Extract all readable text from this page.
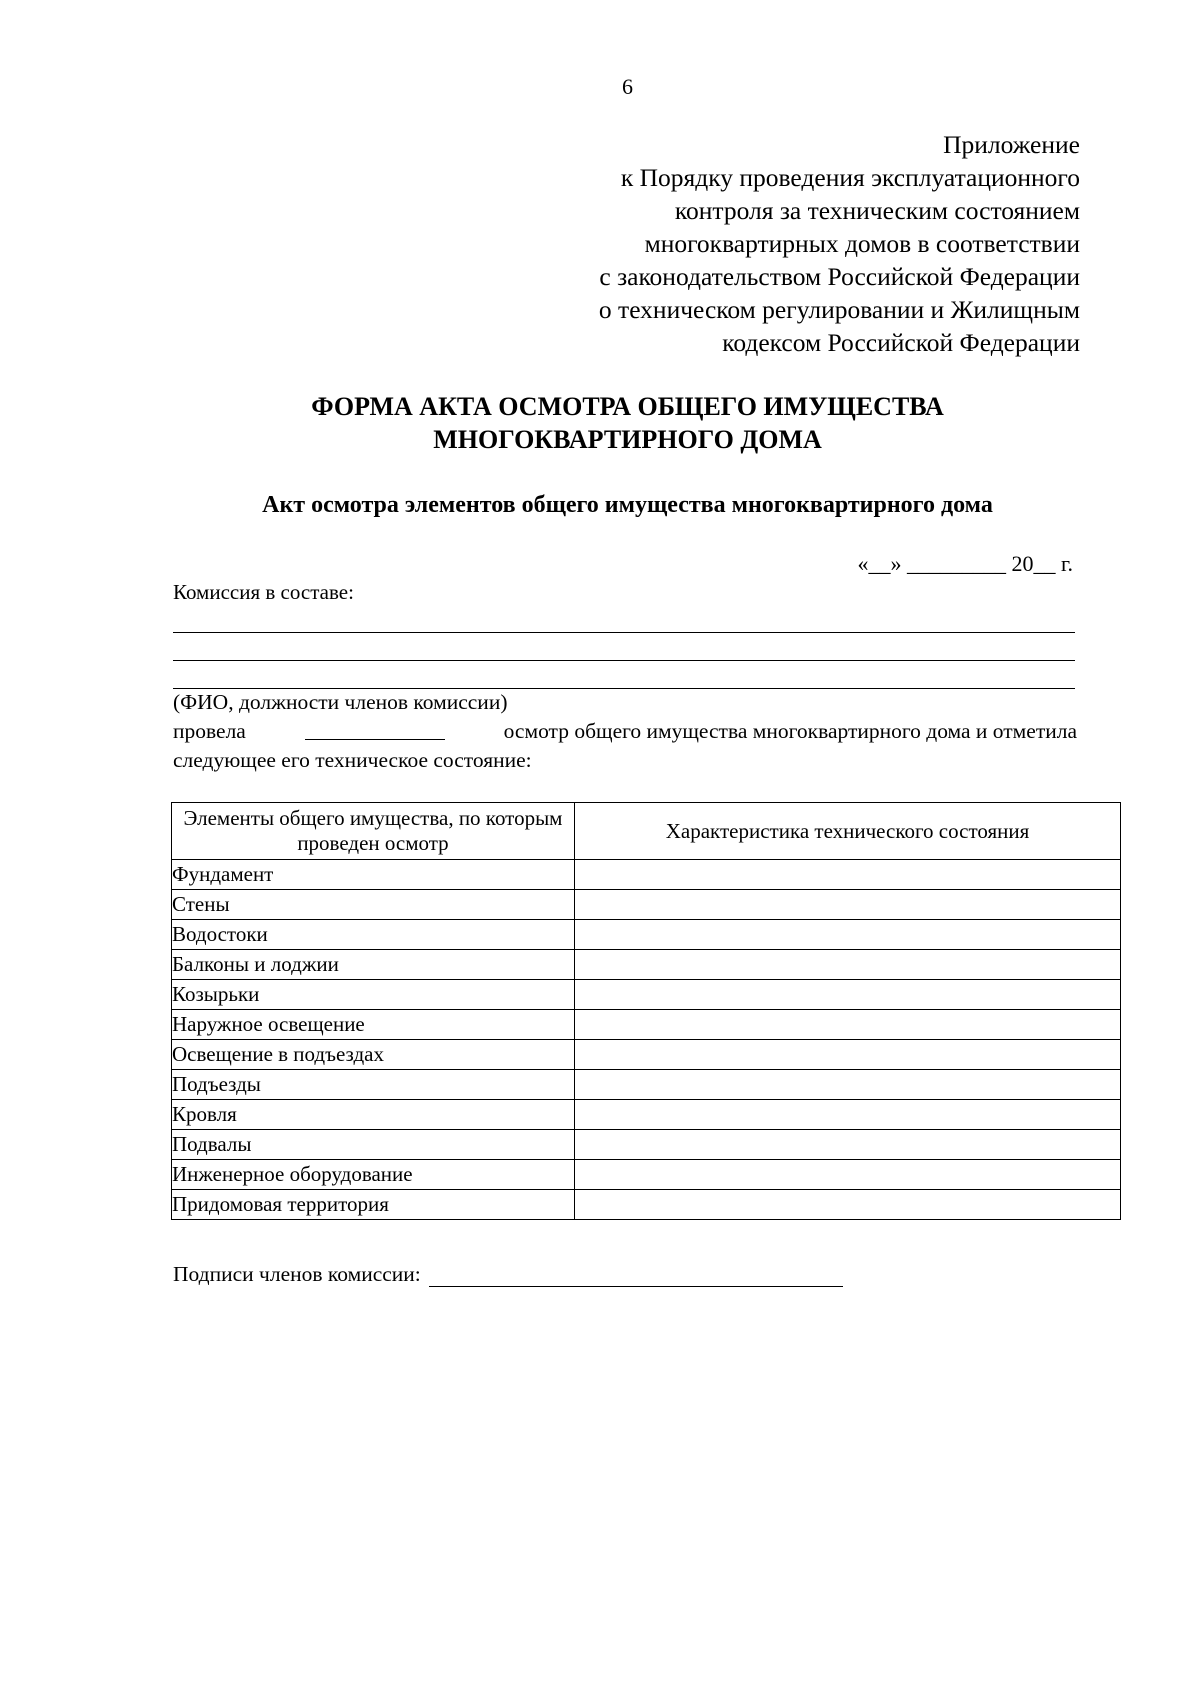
6
Приложение
к Порядку проведения эксплуатационного
контроля за техническим состоянием
многоквартирных домов в соответствии
с законодательством Российской Федерации
о техническом регулировании и Жилищным
кодексом Российской Федерации
ФОРМА АКТА ОСМОТРА ОБЩЕГО ИМУЩЕСТВА
МНОГОКВАРТИРНОГО ДОМА
Акт осмотра элементов общего имущества многоквартирного дома
«__» _________ 20__ г.
Комиссия в составе:
(ФИО, должности членов комиссии)
провела	осмотр общего имущества многоквартирного дома и отметила
следующее его техническое состояние:
Элементы общего имущества, по которым проведен осмотр	Характеристика технического состояния
Фундамент	
Стены	
Водостоки	
Балконы и лоджии	
Козырьки	
Наружное освещение	
Освещение в подъездах	
Подъезды	
Кровля	
Подвалы	
Инженерное оборудование	
Придомовая территория	
Подписи членов комиссии:
